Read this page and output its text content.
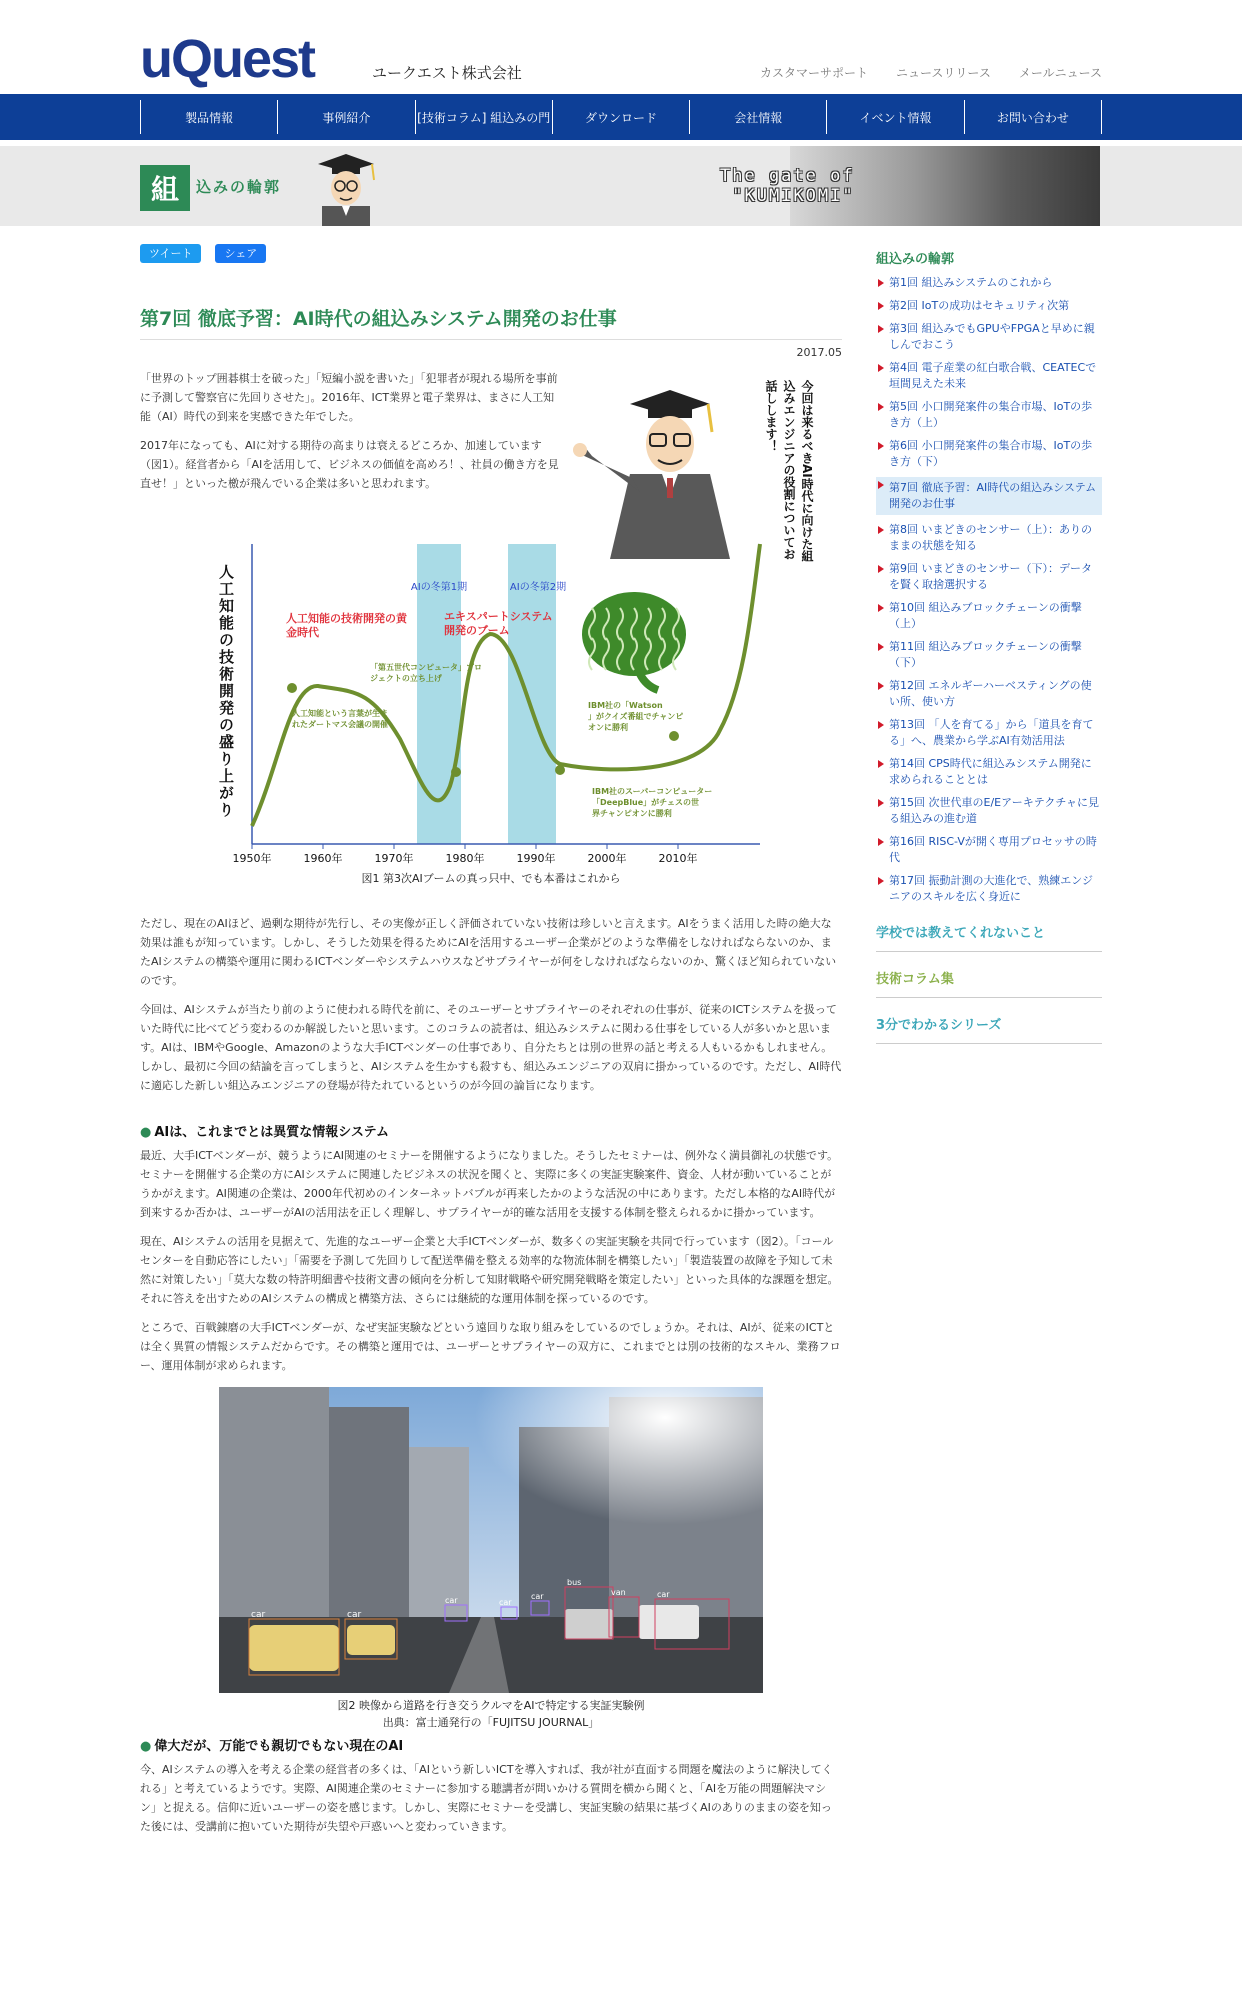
uQuest	ユークエスト株式会社	カスタマーサポート ニュースリリース メールニュース
製品情報	事例紹介	[技術コラム] 組込みの門	ダウンロード	会社情報	イベント情報	お問い合わせ
組	込みの輪郭
The gate of
"KUMIKOMI"
ツイート	シェア
第7回 徹底予習：AI時代の組込みシステム開発のお仕事
2017.05

「世界のトップ囲碁棋士を破った」「短編小説を書いた」「犯罪者が現れる場所を事前に予測して警察官に先回りさせた」。2016年、ICT業界と電子業界は、まさに人工知能（AI）時代の到来を実感できた年でした。

2017年になっても、AIに対する期待の高まりは衰えるどころか、加速しています（図1）。経営者から「AIを活用して、ビジネスの価値を高めろ！、社員の働き方を見直せ！」といった檄が飛んでいる企業は多いと思われます。	今回は来るべきAI時代に向けた組込みエンジニアの役割についてお話しします！
AIの冬第1期	AIの冬第2期
人工知能の技術開発の盛り上がり
1950年	1960年	1970年	1980年	1990年	2000年	2010年
人工知能の技術開発の黄金時代
エキスパートシステム開発のブーム
「第五世代コンピュータ」プロジェクトの立ち上げ
人工知能という言葉が生まれたダートマス会議の開催
IBM社の「Watson 」がクイズ番組でチャンピオンに勝利
IBM社のスーパーコンピューター「DeepBlue」がチェスの世界チャンピオンに勝利
図1 第3次AIブームの真っ只中、でも本番はこれから

ただし、現在のAIほど、過剰な期待が先行し、その実像が正しく評価されていない技術は珍しいと言えます。AIをうまく活用した時の絶大な効果は誰もが知っています。しかし、そうした効果を得るためにAIを活用するユーザー企業がどのような準備をしなければならないのか、またAIシステムの構築や運用に関わるICTベンダーやシステムハウスなどサプライヤーが何をしなければならないのか、驚くほど知られていないのです。

今回は、AIシステムが当たり前のように使われる時代を前に、そのユーザーとサプライヤーのそれぞれの仕事が、従来のICTシステムを扱っていた時代に比べてどう変わるのか解説したいと思います。このコラムの読者は、組込みシステムに関わる仕事をしている人が多いかと思います。AIは、IBMやGoogle、Amazonのような大手ICTベンダーの仕事であり、自分たちとは別の世界の話と考える人もいるかもしれません。しかし、最初に今回の結論を言ってしまうと、AIシステムを生かすも殺すも、組込みエンジニアの双肩に掛かっているのです。ただし、AI時代に適応した新しい組込みエンジニアの登場が待たれているというのが今回の論旨になります。

● AIは、これまでとは異質な情報システム

最近、大手ICTベンダーが、競うようにAI関連のセミナーを開催するようになりました。そうしたセミナーは、例外なく満員御礼の状態です。セミナーを開催する企業の方にAIシステムに関連したビジネスの状況を聞くと、実際に多くの実証実験案件、資金、人材が動いていることがうかがえます。AI関連の企業は、2000年代初めのインターネットバブルが再来したかのような活況の中にあります。ただし本格的なAI時代が到来するか否かは、ユーザーがAIの活用法を正しく理解し、サプライヤーが的確な活用を支援する体制を整えられるかに掛かっています。

現在、AIシステムの活用を見据えて、先進的なユーザー企業と大手ICTベンダーが、数多くの実証実験を共同で行っています（図2）。「コールセンターを自動応答にしたい」「需要を予測して先回りして配送準備を整える効率的な物流体制を構築したい」「製造装置の故障を予知して未然に対策したい」「莫大な数の特許明細書や技術文書の傾向を分析して知財戦略や研究開発戦略を策定したい」といった具体的な課題を想定。それに答えを出すためのAIシステムの構成と構築方法、さらには継続的な運用体制を探っているのです。

ところで、百戦錬磨の大手ICTベンダーが、なぜ実証実験などという遠回りな取り組みをしているのでしょうか。それは、AIが、従来のICTとは全く異質の情報システムだからです。その構築と運用では、ユーザーとサプライヤーの双方に、これまでとは別の技術的なスキル、業務フロー、運用体制が求められます。

car	car
car	car
car
bus
van	car
図2 映像から道路を行き交うクルマをAIで特定する実証実験例
出典：富士通発行の「FUJITSU JOURNAL」
● 偉大だが、万能でも親切でもない現在のAI

今、AIシステムの導入を考える企業の経営者の多くは、「AIという新しいICTを導入すれば、我が社が直面する問題を魔法のように解決してくれる」と考えているようです。実際、AI関連企業のセミナーに参加する聴講者が問いかける質問を横から聞くと、「AIを万能の問題解決マシン」と捉える。信仰に近いユーザーの姿を感じます。しかし、実際にセミナーを受講し、実証実験の結果に基づくAIのありのままの姿を知った後には、受講前に抱いていた期待が失望や戸惑いへと変わっていきます。

組込みの輪郭
第1回 組込みシステムのこれから
第2回 IoTの成功はセキュリティ次第
第3回 組込みでもGPUやFPGAと早めに親しんでおこう
第4回 電子産業の紅白歌合戦、CEATECで垣間見えた未来
第5回 小口開発案件の集合市場、IoTの歩き方（上）
第6回 小口開発案件の集合市場、IoTの歩き方（下）
第7回 徹底予習：AI時代の組込みシステム開発のお仕事
第8回 いまどきのセンサー（上）：ありのままの状態を知る
第9回 いまどきのセンサー（下）：データを賢く取捨選択する
第10回 組込みブロックチェーンの衝撃（上）
第11回 組込みブロックチェーンの衝撃（下）
第12回 エネルギーハーベスティングの使い所、使い方
第13回 「人を育てる」から「道具を育てる」へ、農業から学ぶAI有効活用法
第14回 CPS時代に組込みシステム開発に求められることとは
第15回 次世代車のE/Eアーキテクチャに見る組込みの進む道
第16回 RISC-Vが開く専用プロセッサの時代
第17回 振動計測の大進化で、熟練エンジニアのスキルを広く身近に
学校では教えてくれないこと
技術コラム集
3分でわかるシリーズ
